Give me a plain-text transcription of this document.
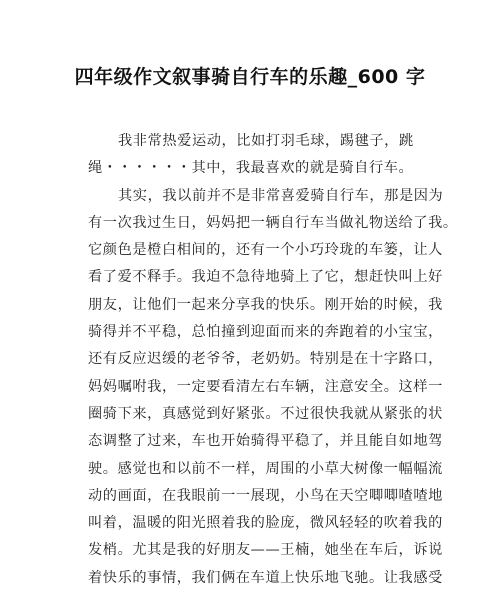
四年级作文叙事骑自行车的乐趣_600 字
我非常热爱运动，比如打羽毛球，踢毽子，跳
绳・・・・・・其中，我最喜欢的就是骑自行车。
其实，我以前并不是非常喜爱骑自行车，那是因为
有一次我过生日，妈妈把一辆自行车当做礼物送给了我。
它颜色是橙白相间的，还有一个小巧玲珑的车篓，让人
看了爱不释手。我迫不急待地骑上了它，想赶快叫上好
朋友，让他们一起来分享我的快乐。刚开始的时候，我
骑得并不平稳，总怕撞到迎面而来的奔跑着的小宝宝，
还有反应迟缓的老爷爷，老奶奶。特别是在十字路口，
妈妈嘱咐我，一定要看清左右车辆，注意安全。这样一
圈骑下来，真感觉到好紧张。不过很快我就从紧张的状
态调整了过来，车也开始骑得平稳了，并且能自如地驾
驶。感觉也和以前不一样，周围的小草大树像一幅幅流
动的画面，在我眼前一一展现，小鸟在天空唧唧喳喳地
叫着，温暖的阳光照着我的脸庞，微风轻轻的吹着我的
发梢。尤其是我的好朋友——王楠，她坐在车后，诉说
着快乐的事情，我们俩在车道上快乐地飞驰。让我感受
